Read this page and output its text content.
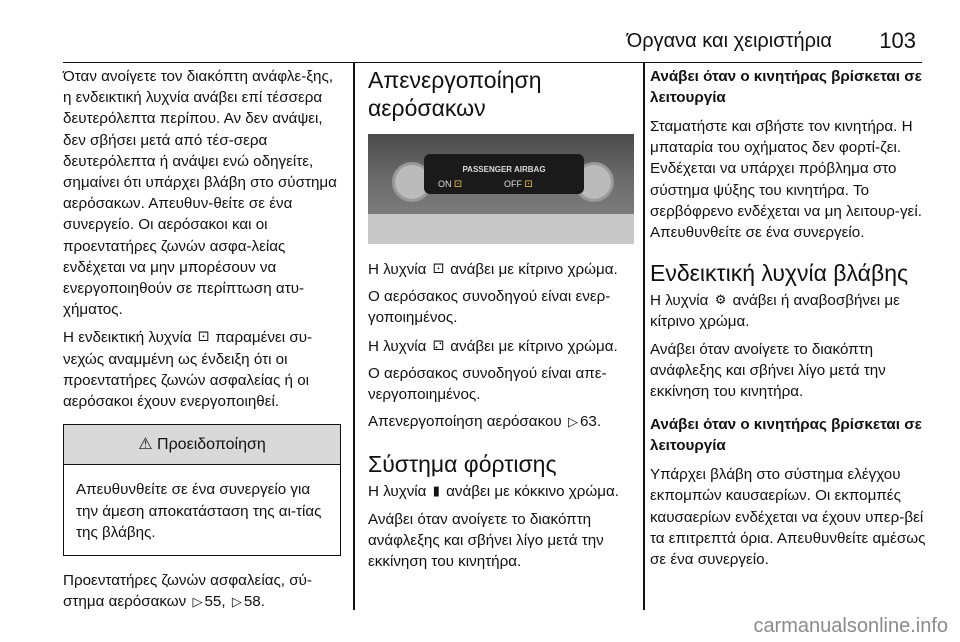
Όργανα και χειριστήρια 103

Όταν ανοίγετε τον διακόπτη ανάφλε-ξης, η ενδεικτική λυχνία ανάβει επί τέσσερα δευτερόλεπτα περίπου. Αν δεν ανάψει, δεν σβήσει μετά από τέσ-σερα δευτερόλεπτα ή ανάψει ενώ οδηγείτε, σημαίνει ότι υπάρχει βλάβη στο σύστημα αερόσακων. Απευθυν-θείτε σε ένα συνεργείο. Οι αερόσακοι και οι προεντατήρες ζωνών ασφα-λείας ενδέχεται να μην μπορέσουν να ενεργοποιηθούν σε περίπτωση ατυ-χήματος.

Η ενδεικτική λυχνία ⚀ παραμένει συ-νεχώς αναμμένη ως ένδειξη ότι οι προεντατήρες ζωνών ασφαλείας ή οι αερόσακοι έχουν ενεργοποιηθεί.

⚠ Προειδοποίηση
Απευθυνθείτε σε ένα συνεργείο για την άμεση αποκατάσταση της αι-τίας της βλάβης.

Προεντατήρες ζωνών ασφαλείας, σύ-στημα αερόσακων ▷ 55, ▷ 58.

Απενεργοποίηση αερόσακων
PASSENGER AIRBAG
ON ⚀	OFF ⚀

Η λυχνία ⚀ ανάβει με κίτρινο χρώμα.

Ο αερόσακος συνοδηγού είναι ενερ-γοποιημένος.

Η λυχνία ⚁ ανάβει με κίτρινο χρώμα.

Ο αερόσακος συνοδηγού είναι απε-νεργοποιημένος.

Απενεργοποίηση αερόσακου ▷ 63.

Σύστημα φόρτισης

Η λυχνία ▮ ανάβει με κόκκινο χρώμα.

Ανάβει όταν ανοίγετε το διακόπτη ανάφλεξης και σβήνει λίγο μετά την εκκίνηση του κινητήρα.

Ανάβει όταν ο κινητήρας βρίσκεται σε λειτουργία

Σταματήστε και σβήστε τον κινητήρα. Η μπαταρία του οχήματος δεν φορτί-ζει. Ενδέχεται να υπάρχει πρόβλημα στο σύστημα ψύξης του κινητήρα. Το σερβόφρενο ενδέχεται να μη λειτουρ-γεί. Απευθυνθείτε σε ένα συνεργείο.

Ενδεικτική λυχνία βλάβης

Η λυχνία ⚙ ανάβει ή αναβοσβήνει με κίτρινο χρώμα.

Ανάβει όταν ανοίγετε το διακόπτη ανάφλεξης και σβήνει λίγο μετά την εκκίνηση του κινητήρα.

Ανάβει όταν ο κινητήρας βρίσκεται σε λειτουργία

Υπάρχει βλάβη στο σύστημα ελέγχου εκπομπών καυσαερίων. Οι εκπομπές καυσαερίων ενδέχεται να έχουν υπερ-βεί τα επιτρεπτά όρια. Απευθυνθείτε αμέσως σε ένα συνεργείο.

carmanualsonline.info
